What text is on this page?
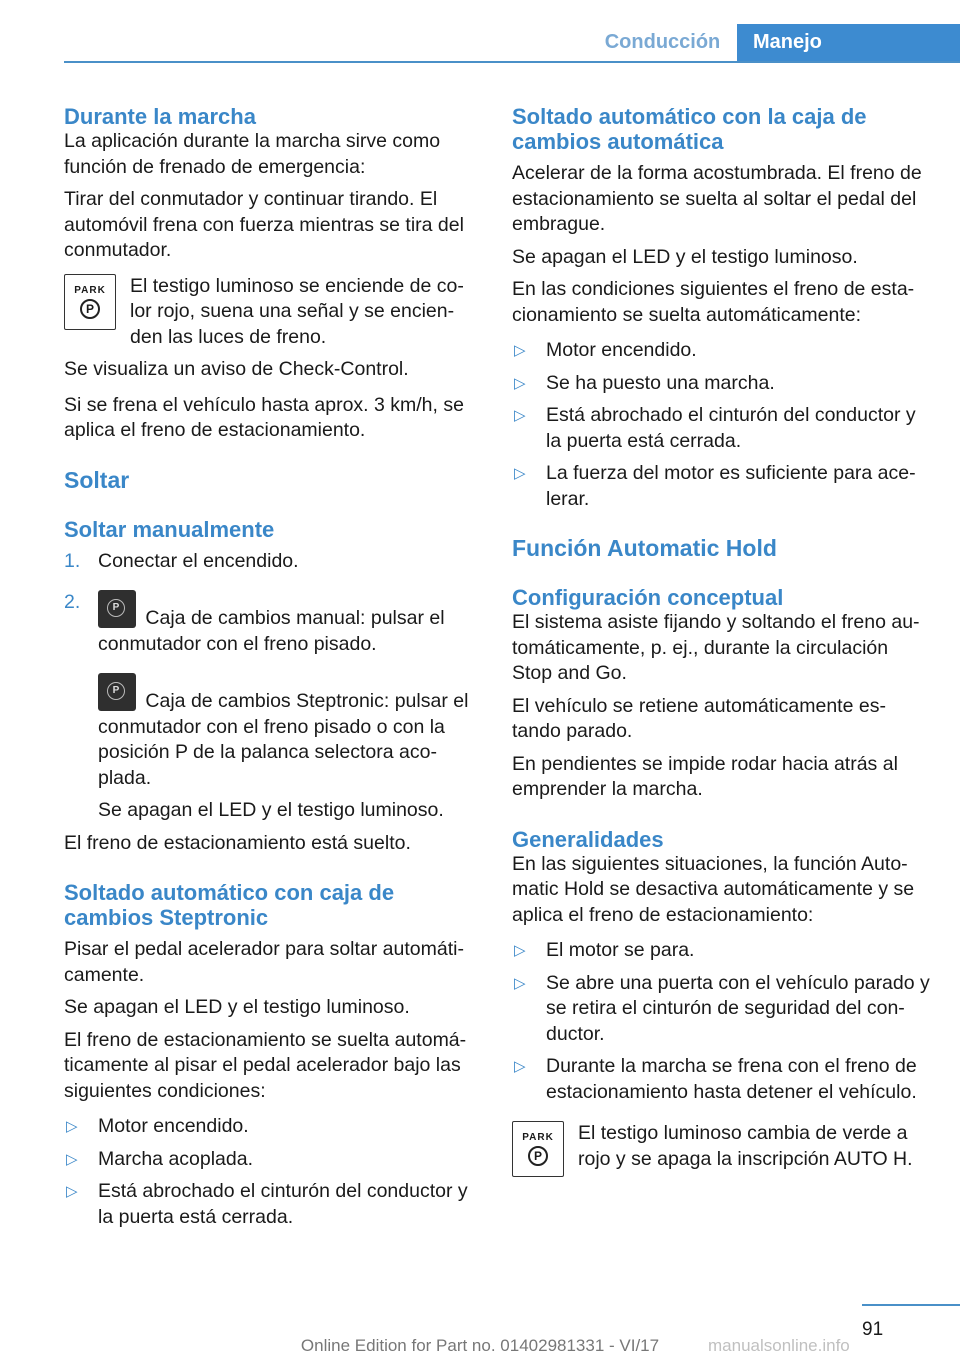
Conducción	Manejo
Durante la marcha

La aplicación durante la marcha sirve como función de frenado de emergencia:

Tirar del conmutador y continuar tirando. El automóvil frena con fuerza mientras se tira del conmutador.

PARK
P

El testigo luminoso se enciende de co‐lor rojo, suena una señal y se encien‐den las luces de freno.

Se visualiza un aviso de Check-Control.

Si se frena el vehículo hasta aprox. 3 km/h, se aplica el freno de estacionamiento.

Soltar
Soltar manualmente
1. Conectar el encendido.

2.	P Caja de cambios manual: pulsar el conmutador con el freno pisado.

P Caja de cambios Steptronic: pulsar el conmutador con el freno pisado o con la posición P de la palanca selectora aco‐plada.

Se apagan el LED y el testigo luminoso.

El freno de estacionamiento está suelto.

Soltado automático con caja de cambios Steptronic

Pisar el pedal acelerador para soltar automáti‐camente.

Se apagan el LED y el testigo luminoso.

El freno de estacionamiento se suelta automá‐ticamente al pisar el pedal acelerador bajo las siguientes condiciones:

▷	Motor encendido.

▷	Marcha acoplada.

▷	Está abrochado el cinturón del conductor y la puerta está cerrada.

Soltado automático con la caja de cambios automática

Acelerar de la forma acostumbrada. El freno de estacionamiento se suelta al soltar el pedal del embrague.

Se apagan el LED y el testigo luminoso.

En las condiciones siguientes el freno de esta‐cionamiento se suelta automáticamente:

▷	Motor encendido.

▷	Se ha puesto una marcha.

▷	Está abrochado el cinturón del conductor y la puerta está cerrada.

▷	La fuerza del motor es suficiente para ace‐lerar.

Función Automatic Hold
Configuración conceptual

El sistema asiste fijando y soltando el freno au‐tomáticamente, p. ej., durante la circulación Stop and Go.

El vehículo se retiene automáticamente es‐tando parado.

En pendientes se impide rodar hacia atrás al emprender la marcha.

Generalidades

En las siguientes situaciones, la función Auto‐matic Hold se desactiva automáticamente y se aplica el freno de estacionamiento:

▷	El motor se para.

▷	Se abre una puerta con el vehículo parado y se retira el cinturón de seguridad del con‐ductor.

▷	Durante la marcha se frena con el freno de estacionamiento hasta detener el vehículo.

PARK
P

El testigo luminoso cambia de verde a rojo y se apaga la inscripción AUTO H.

91
Online Edition for Part no. 01402981331 - VI/17	manualsonline.info
